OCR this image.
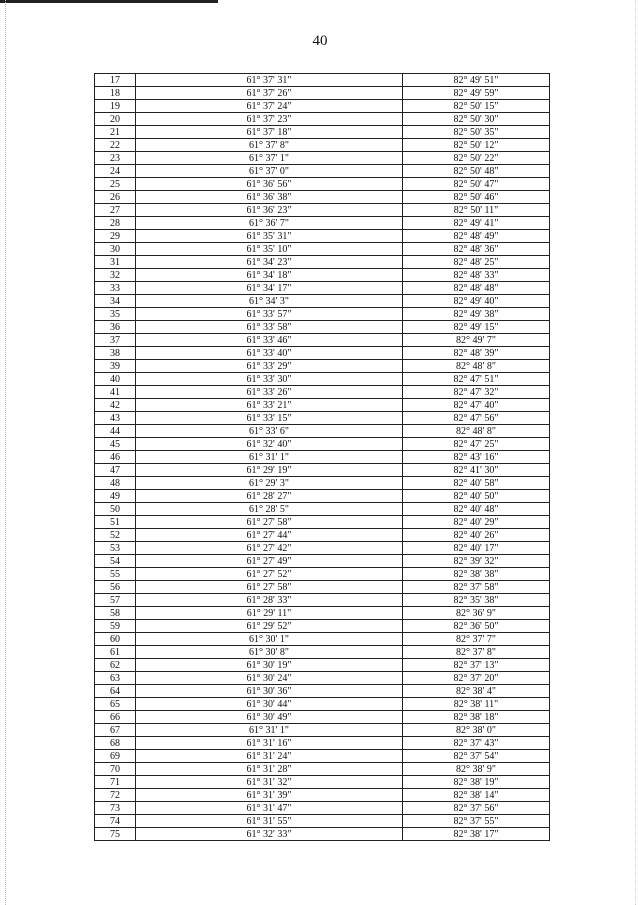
40
17	61° 37' 31"	82° 49' 51"
18	61° 37' 26"	82° 49' 59"
19	61° 37' 24"	82° 50' 15"
20	61° 37' 23"	82° 50' 30"
21	61° 37' 18"	82° 50' 35"
22	61° 37' 8"	82° 50' 12"
23	61° 37' 1"	82° 50' 22"
24	61° 37' 0"	82° 50' 48"
25	61° 36' 56"	82° 50' 47"
26	61° 36' 38"	82° 50' 46"
27	61° 36' 23"	82° 50' 11"
28	61° 36' 7"	82° 49' 41"
29	61° 35' 31"	82° 48' 49"
30	61° 35' 10"	82° 48' 36"
31	61° 34' 23"	82° 48' 25"
32	61° 34' 18"	82° 48' 33"
33	61° 34' 17"	82° 48' 48"
34	61° 34' 3"	82° 49' 40"
35	61° 33' 57"	82° 49' 38"
36	61° 33' 58"	82° 49' 15"
37	61° 33' 46"	82° 49' 7"
38	61° 33' 40"	82° 48' 39"
39	61° 33' 29"	82° 48' 8"
40	61° 33' 30"	82° 47' 51"
41	61° 33' 26"	82° 47' 32"
42	61° 33' 21"	82° 47' 40"
43	61° 33' 15"	82° 47' 56"
44	61° 33' 6"	82° 48' 8"
45	61° 32' 40"	82° 47' 25"
46	61° 31' 1"	82° 43' 16"
47	61° 29' 19"	82° 41' 30"
48	61° 29' 3"	82° 40' 58"
49	61° 28' 27"	82° 40' 50"
50	61° 28' 5"	82° 40' 48"
51	61° 27' 58"	82° 40' 29"
52	61° 27' 44"	82° 40' 26"
53	61° 27' 42"	82° 40' 17"
54	61° 27' 49"	82° 39' 32"
55	61° 27' 52"	82° 38' 38"
56	61° 27' 58"	82° 37' 58"
57	61° 28' 33"	82° 35' 38"
58	61° 29' 11"	82° 36' 9"
59	61° 29' 52"	82° 36' 50"
60	61° 30' 1"	82° 37' 7"
61	61° 30' 8"	82° 37' 8"
62	61° 30' 19"	82° 37' 13"
63	61° 30' 24"	82° 37' 20"
64	61° 30' 36"	82° 38' 4"
65	61° 30' 44"	82° 38' 11"
66	61° 30' 49"	82° 38' 18"
67	61° 31' 1"	82° 38' 0"
68	61° 31' 16"	82° 37' 43"
69	61° 31' 24"	82° 37' 54"
70	61° 31' 28"	82° 38' 9"
71	61° 31' 32"	82° 38' 19"
72	61° 31' 39"	82° 38' 14"
73	61° 31' 47"	82° 37' 56"
74	61° 31' 55"	82° 37' 55"
75	61° 32' 33"	82° 38' 17"
